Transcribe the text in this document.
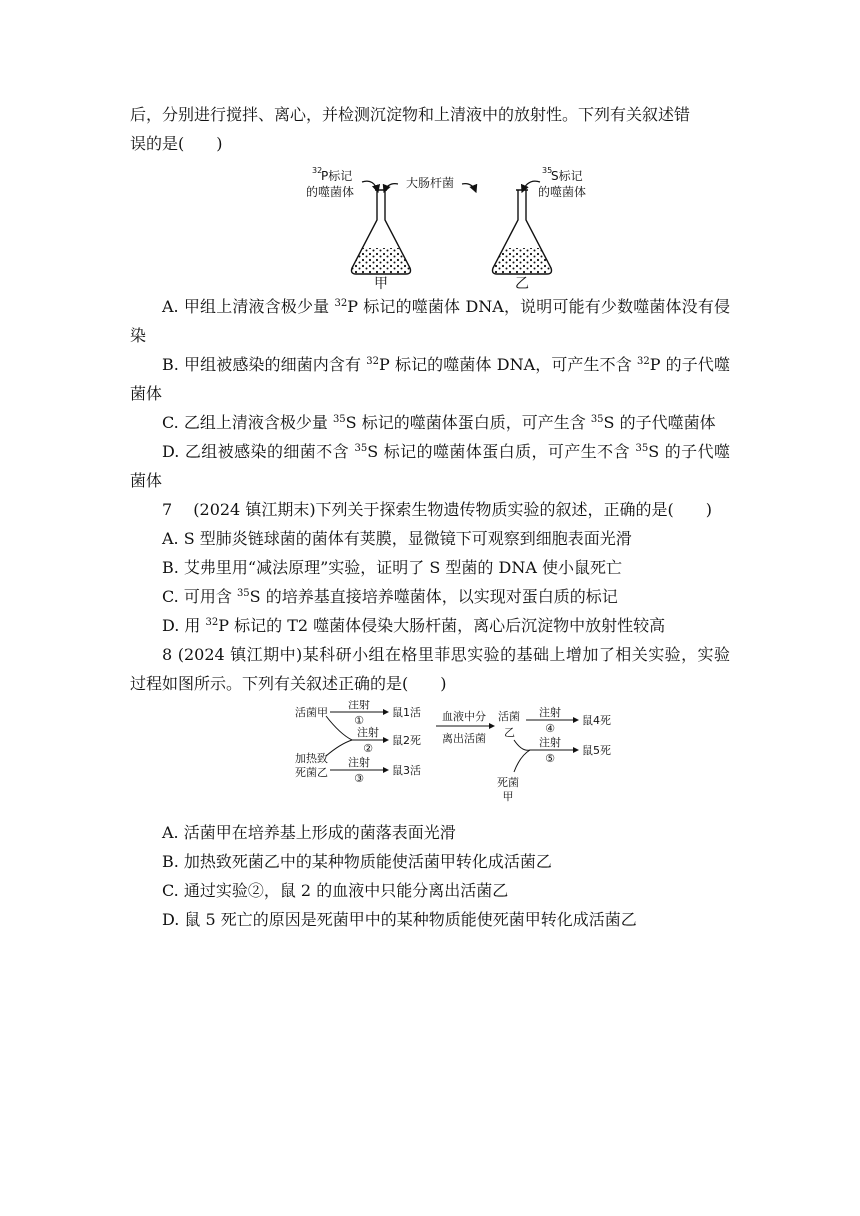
后，分别进行搅拌、离心，并检测沉淀物和上清液中的放射性。下列有关叙述错

误的是(　　)

32
P标记
的噬菌体
35
S标记
的噬菌体
大肠杆菌
甲	乙

A. 甲组上清液含极少量 $^{32}$P 标记的噬菌体 DNA，说明可能有少数噬菌体没有侵染

B. 甲组被感染的细菌内含有 $^{32}$P 标记的噬菌体 DNA，可产生不含 $^{32}$P 的子代噬菌体

C. 乙组上清液含极少量 $^{35}$S 标记的噬菌体蛋白质，可产生含 $^{35}$S 的子代噬菌体

D. 乙组被感染的细菌不含 $^{35}$S 标记的噬菌体蛋白质，可产生不含 $^{35}$S 的子代噬菌体

7　 (2024 镇江期末)下列关于探索生物遗传物质实验的叙述，正确的是(　　)

A. S 型肺炎链球菌的菌体有荚膜，显微镜下可观察到细胞表面光滑

B. 艾弗里用“减法原理”实验，证明了 S 型菌的 DNA 使小鼠死亡

C. 可用含 $^{35}$S 的培养基直接培养噬菌体，以实现对蛋白质的标记

D. 用 $^{32}$P 标记的 T2 噬菌体侵染大肠杆菌，离心后沉淀物中放射性较高

8 (2024 镇江期中)某科研小组在格里菲思实验的基础上增加了相关实验，实验过程如图所示。下列有关叙述正确的是(　　)

活菌甲
加热致
死菌乙
注射
①
鼠1活
注射
②
鼠2死
注射
③
鼠3活
血液中分
离出活菌
活菌
乙
注射
④
鼠4死
注射
⑤
鼠5死
死菌
甲

A. 活菌甲在培养基上形成的菌落表面光滑

B. 加热致死菌乙中的某种物质能使活菌甲转化成活菌乙

C. 通过实验②，鼠 2 的血液中只能分离出活菌乙

D. 鼠 5 死亡的原因是死菌甲中的某种物质能使死菌甲转化成活菌乙
